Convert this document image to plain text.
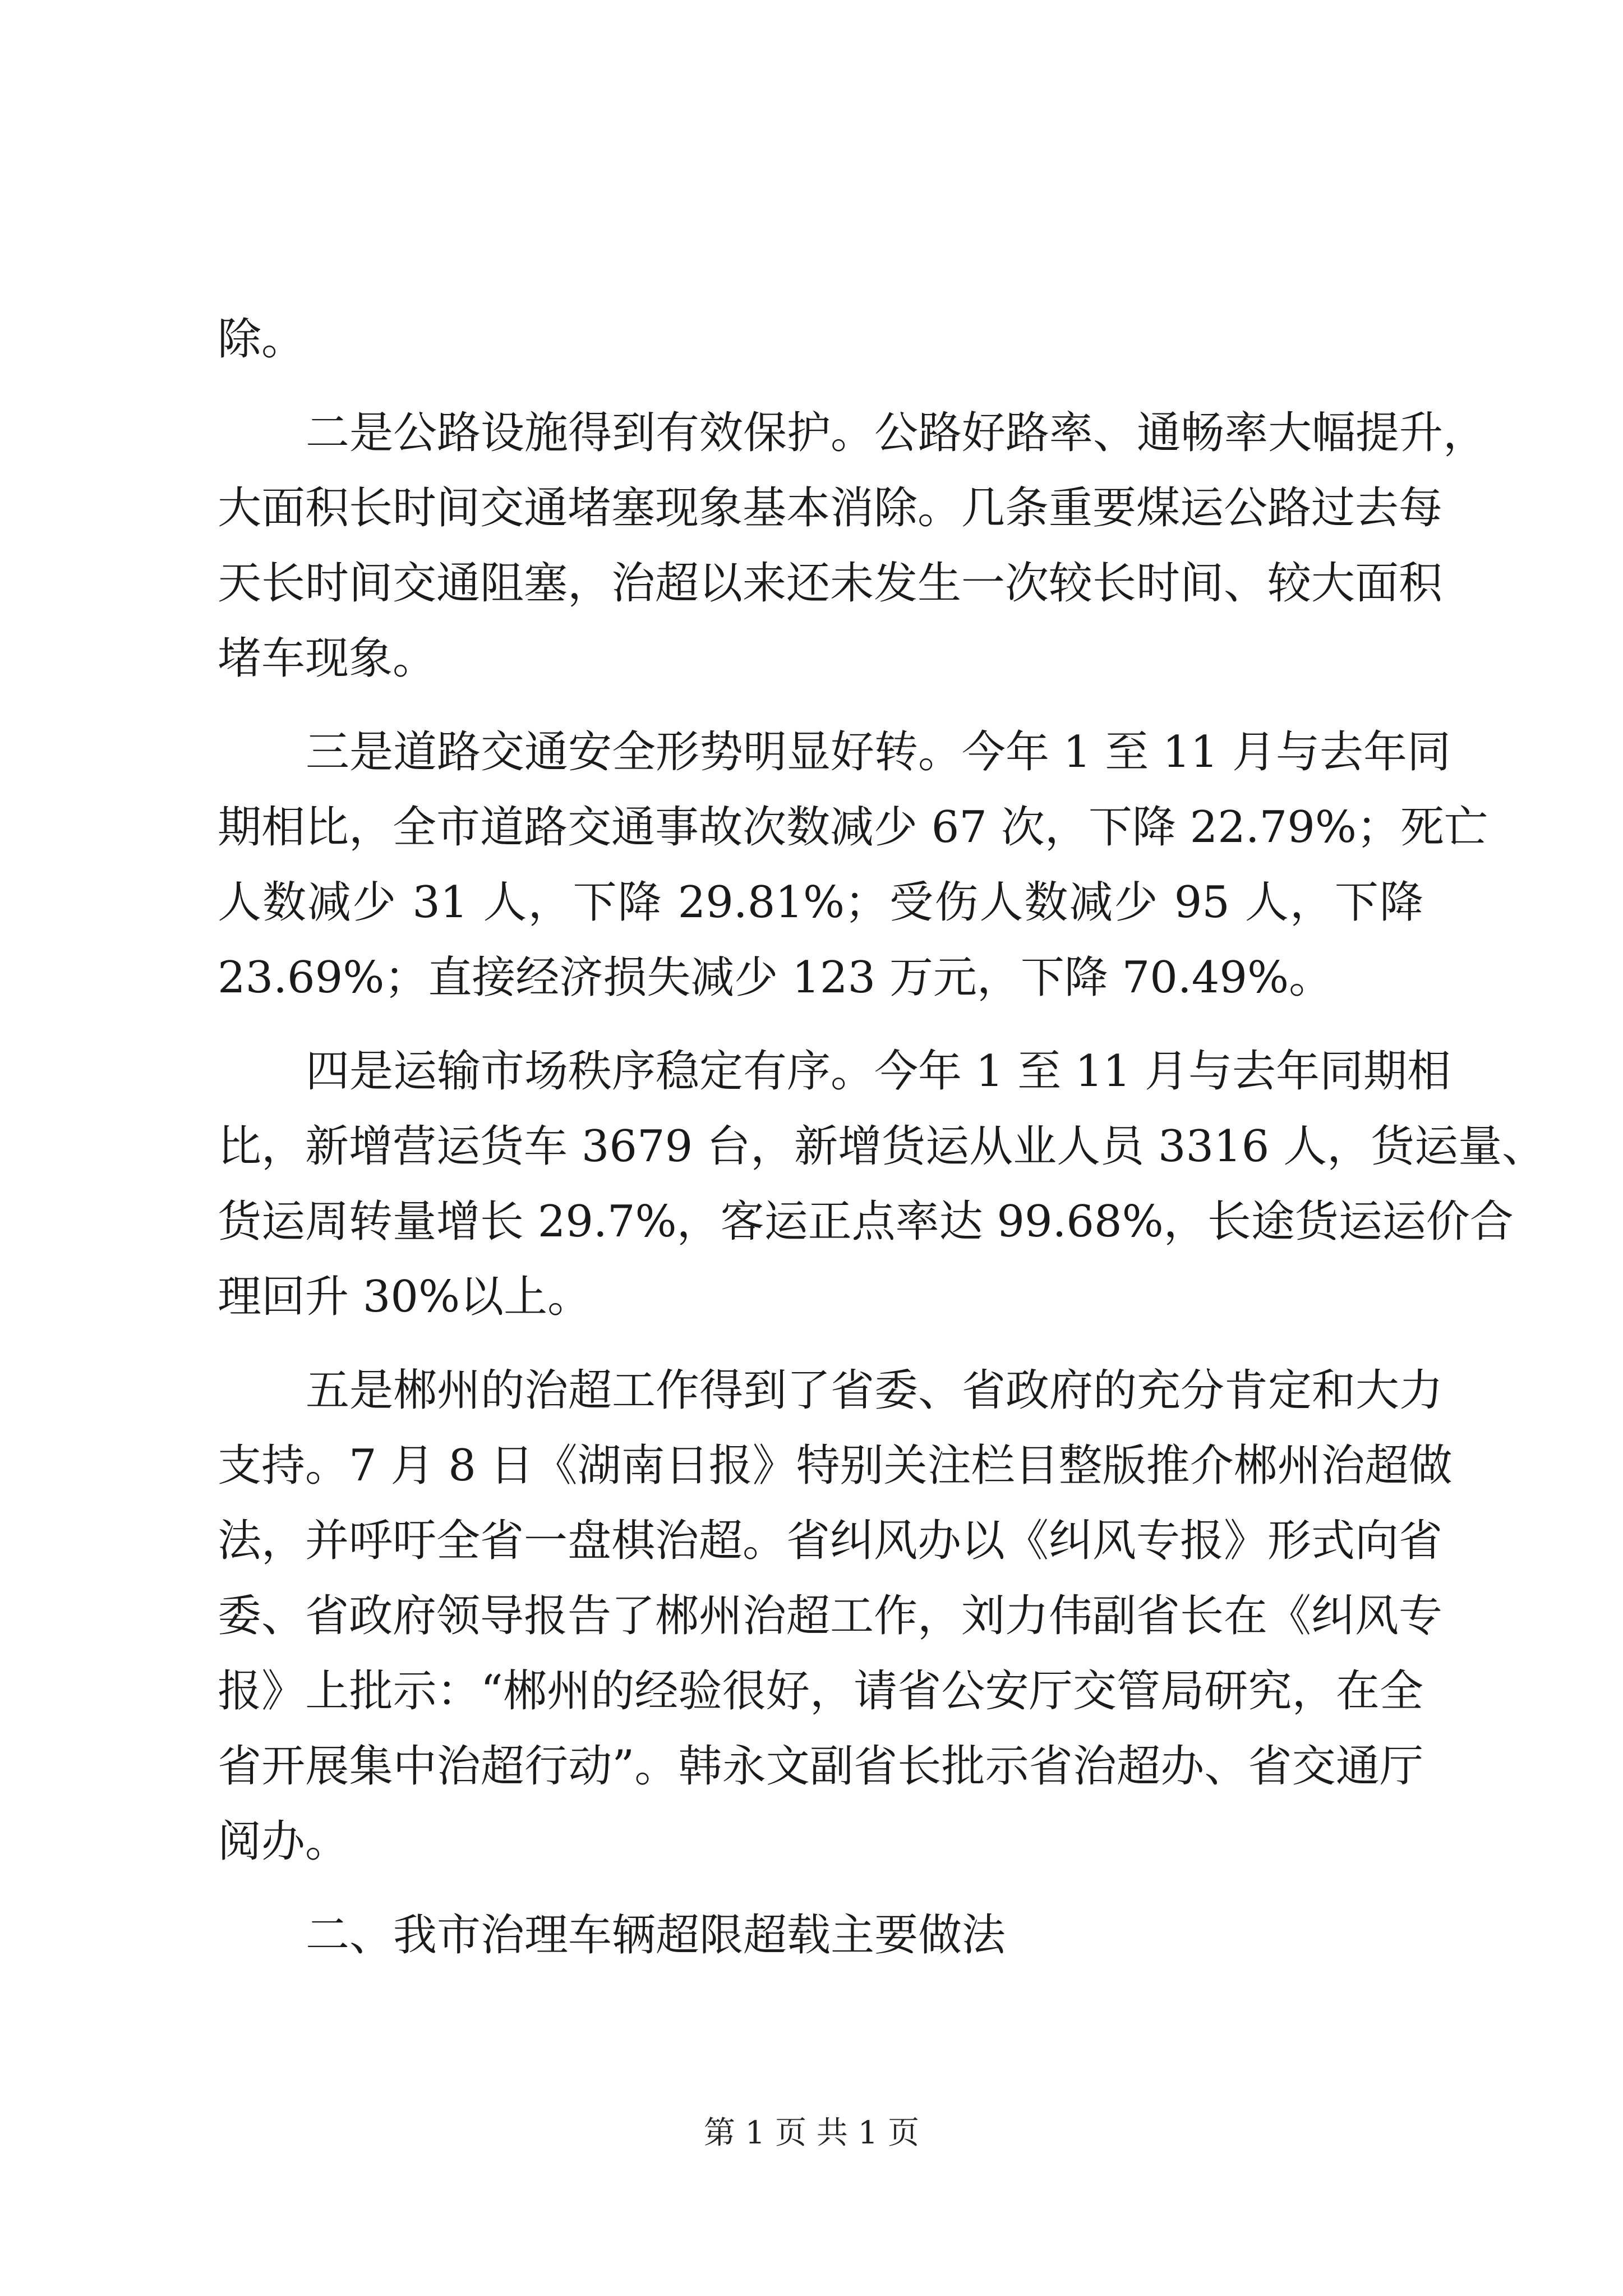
除。
二是公路设施得到有效保护。公路好路率、通畅率大幅提升，
大面积长时间交通堵塞现象基本消除。几条重要煤运公路过去每
天长时间交通阻塞，治超以来还未发生一次较长时间、较大面积
堵车现象。
三是道路交通安全形势明显好转。今年 1 至 11 月与去年同
期相比，全市道路交通事故次数减少 67 次，下降 22.79%；死亡
人数减少 31 人，下降 29.81%；受伤人数减少 95 人，下降
23.69%；直接经济损失减少 123 万元，下降 70.49%。
四是运输市场秩序稳定有序。今年 1 至 11 月与去年同期相
比，新增营运货车 3679 台，新增货运从业人员 3316 人，货运量、
货运周转量增长 29.7%，客运正点率达 99.68%，长途货运运价合
理回升 30%以上。
五是郴州的治超工作得到了省委、省政府的充分肯定和大力
支持。7 月 8 日《湖南日报》特别关注栏目整版推介郴州治超做
法，并呼吁全省一盘棋治超。省纠风办以《纠风专报》形式向省
委、省政府领导报告了郴州治超工作，刘力伟副省长在《纠风专
报》上批示：“郴州的经验很好，请省公安厅交管局研究，在全
省开展集中治超行动”。韩永文副省长批示省治超办、省交通厅
阅办。
二、我市治理车辆超限超载主要做法
第 1 页 共 1 页
